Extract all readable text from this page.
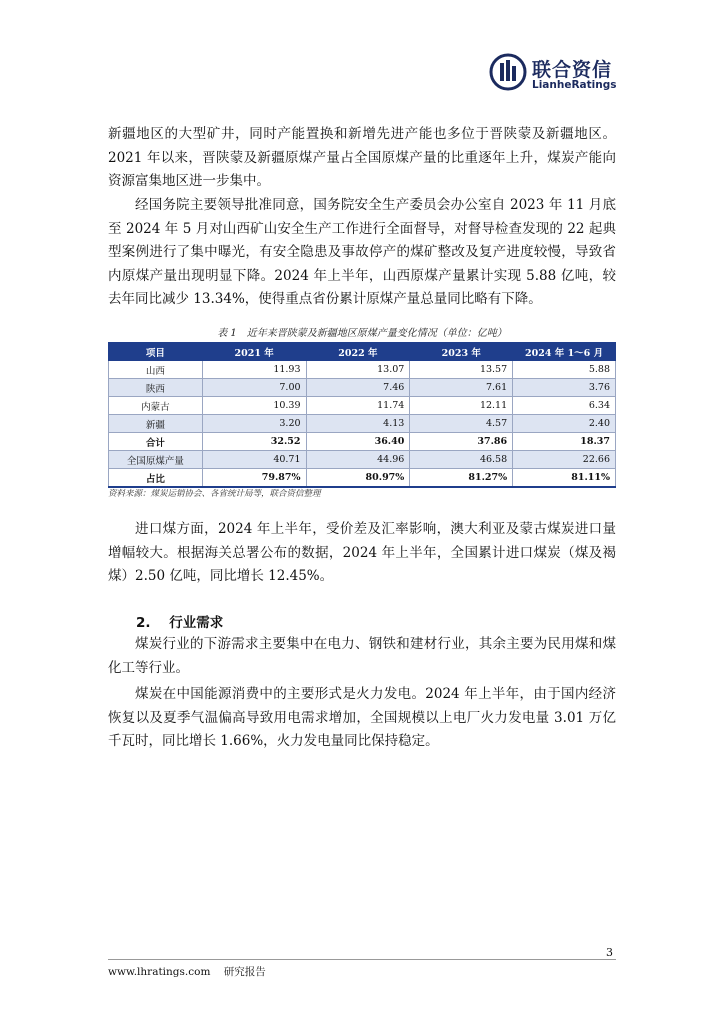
联合资信
LianheRatings

新疆地区的大型矿井，同时产能置换和新增先进产能也多位于晋陕蒙及新疆地区。2021 年以来，晋陕蒙及新疆原煤产量占全国原煤产量的比重逐年上升，煤炭产能向资源富集地区进一步集中。

经国务院主要领导批准同意，国务院安全生产委员会办公室自 2023 年 11 月底至 2024 年 5 月对山西矿山安全生产工作进行全面督导，对督导检查发现的 22 起典型案例进行了集中曝光，有安全隐患及事故停产的煤矿整改及复产进度较慢，导致省内原煤产量出现明显下降。2024 年上半年，山西原煤产量累计实现 5.88 亿吨，较去年同比减少 13.34%，使得重点省份累计原煤产量总量同比略有下降。

表 1　近年来晋陕蒙及新疆地区原煤产量变化情况（单位：亿吨）
项目	2021 年	2022 年	2023 年	2024 年 1～6 月
山西	11.93	13.07	13.57	5.88
陕西	7.00	7.46	7.61	3.76
内蒙古	10.39	11.74	12.11	6.34
新疆	3.20	4.13	4.57	2.40
合计	32.52	36.40	37.86	18.37
全国原煤产量	40.71	44.96	46.58	22.66
占比	79.87%	80.97%	81.27%	81.11%
资料来源：煤炭运销协会、各省统计局等，联合资信整理

进口煤方面，2024 年上半年，受价差及汇率影响，澳大利亚及蒙古煤炭进口量增幅较大。根据海关总署公布的数据，2024 年上半年，全国累计进口煤炭（煤及褐煤）2.50 亿吨，同比增长 12.45%。

2. 行业需求

煤炭行业的下游需求主要集中在电力、钢铁和建材行业，其余主要为民用煤和煤化工等行业。

煤炭在中国能源消费中的主要形式是火力发电。2024 年上半年，由于国内经济恢复以及夏季气温偏高导致用电需求增加，全国规模以上电厂火力发电量 3.01 万亿千瓦时，同比增长 1.66%，火力发电量同比保持稳定。

3
www.lhratings.com 研究报告
